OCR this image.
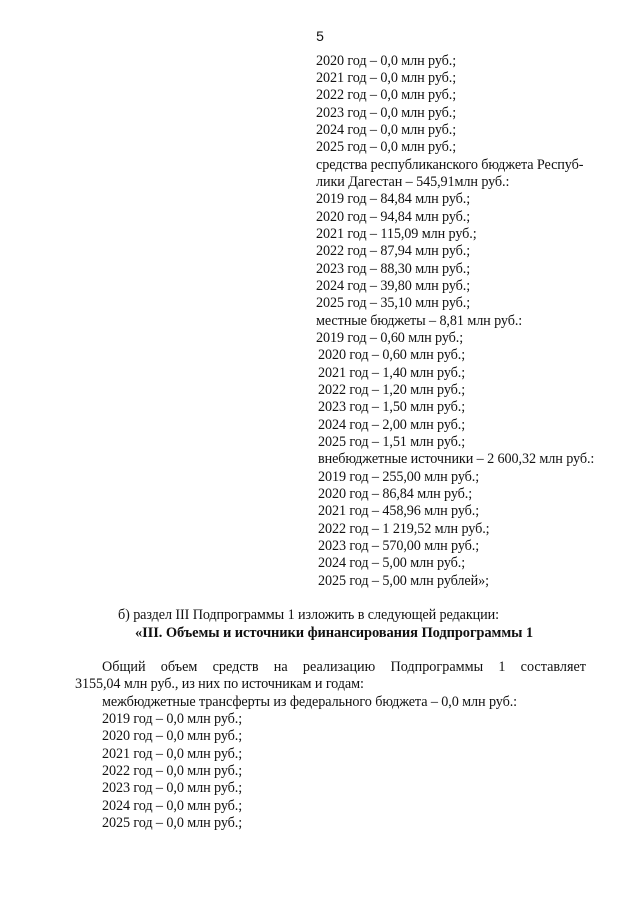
5
2020 год – 0,0 млн руб.;
2021 год – 0,0 млн руб.;
2022 год – 0,0 млн руб.;
2023 год – 0,0 млн руб.;
2024 год – 0,0 млн руб.;
2025 год – 0,0 млн руб.;
средства республиканского бюджета Респуб-
лики Дагестан – 545,91млн руб.:
2019 год – 84,84 млн руб.;
2020 год – 94,84 млн руб.;
2021 год – 115,09 млн руб.;
2022 год – 87,94 млн руб.;
2023 год – 88,30 млн руб.;
2024 год – 39,80 млн руб.;
2025 год – 35,10 млн руб.;
местные бюджеты – 8,81 млн руб.:
2019 год – 0,60 млн руб.;
2020 год – 0,60 млн руб.;
2021 год – 1,40 млн руб.;
2022 год – 1,20 млн руб.;
2023 год – 1,50 млн руб.;
2024 год – 2,00 млн руб.;
2025 год – 1,51 млн руб.;
внебюджетные источники – 2 600,32 млн руб.:
2019 год – 255,00 млн руб.;
2020 год – 86,84 млн руб.;
2021 год – 458,96 млн руб.;
2022 год – 1 219,52 млн руб.;
2023 год – 570,00 млн руб.;
2024 год – 5,00 млн руб.;
2025 год – 5,00 млн рублей»;
б) раздел III Подпрограммы 1 изложить в следующей редакции:
«III. Объемы и источники финансирования Подпрограммы 1
Общий объем средств на реализацию Подпрограммы 1 составляет
3155,04 млн руб., из них по источникам и годам:
межбюджетные трансферты из федерального бюджета – 0,0 млн руб.:
2019 год – 0,0 млн руб.;
2020 год – 0,0 млн руб.;
2021 год – 0,0 млн руб.;
2022 год – 0,0 млн руб.;
2023 год – 0,0 млн руб.;
2024 год – 0,0 млн руб.;
2025 год – 0,0 млн руб.;
